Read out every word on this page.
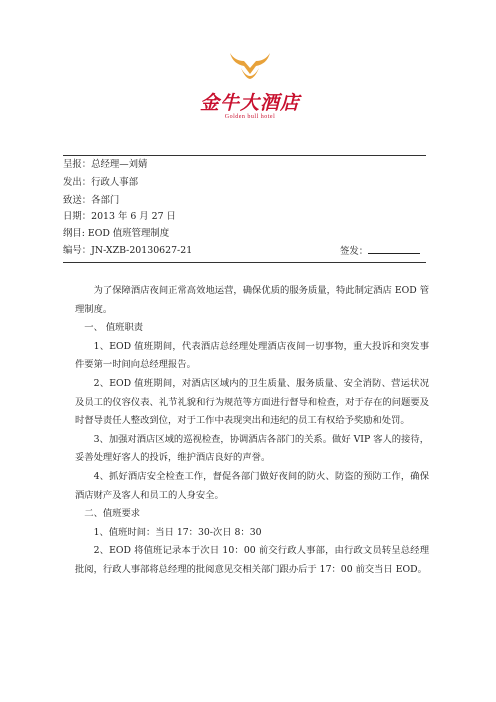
金牛大酒店
Golden bull hotel
呈报：总经理—刘婧
发出：行政人事部
致送：各部门
日期：2013 年 6 月 27 日
纲目: EOD 值班管理制度
编号：JN-XZB-20130627-21	签发：

为了保障酒店夜间正常高效地运营，确保优质的服务质量，特此制定酒店 EOD 管理制度。

一、 值班职责

1、EOD 值班期间，代表酒店总经理处理酒店夜间一切事物，重大投诉和突发事件要第一时间向总经理报告。

2、EOD 值班期间，对酒店区域内的卫生质量、服务质量、安全消防、营运状况及员工的仪容仪表、礼节礼貌和行为规范等方面进行督导和检查，对于存在的问题要及时督导责任人整改到位，对于工作中表现突出和违纪的员工有权给予奖励和处罚。

3、加强对酒店区域的巡视检查，协调酒店各部门的关系。做好 VIP 客人的接待，妥善处理好客人的投诉，维护酒店良好的声誉。

4、抓好酒店安全检查工作，督促各部门做好夜间的防火、防盗的预防工作，确保酒店财产及客人和员工的人身安全。

二、值班要求

1、值班时间：当日 17：30-次日 8：30

2、EOD 将值班记录本于次日 10：00 前交行政人事部，由行政文员转呈总经理批阅，行政人事部将总经理的批阅意见交相关部门跟办后于 17：00 前交当日 EOD。
